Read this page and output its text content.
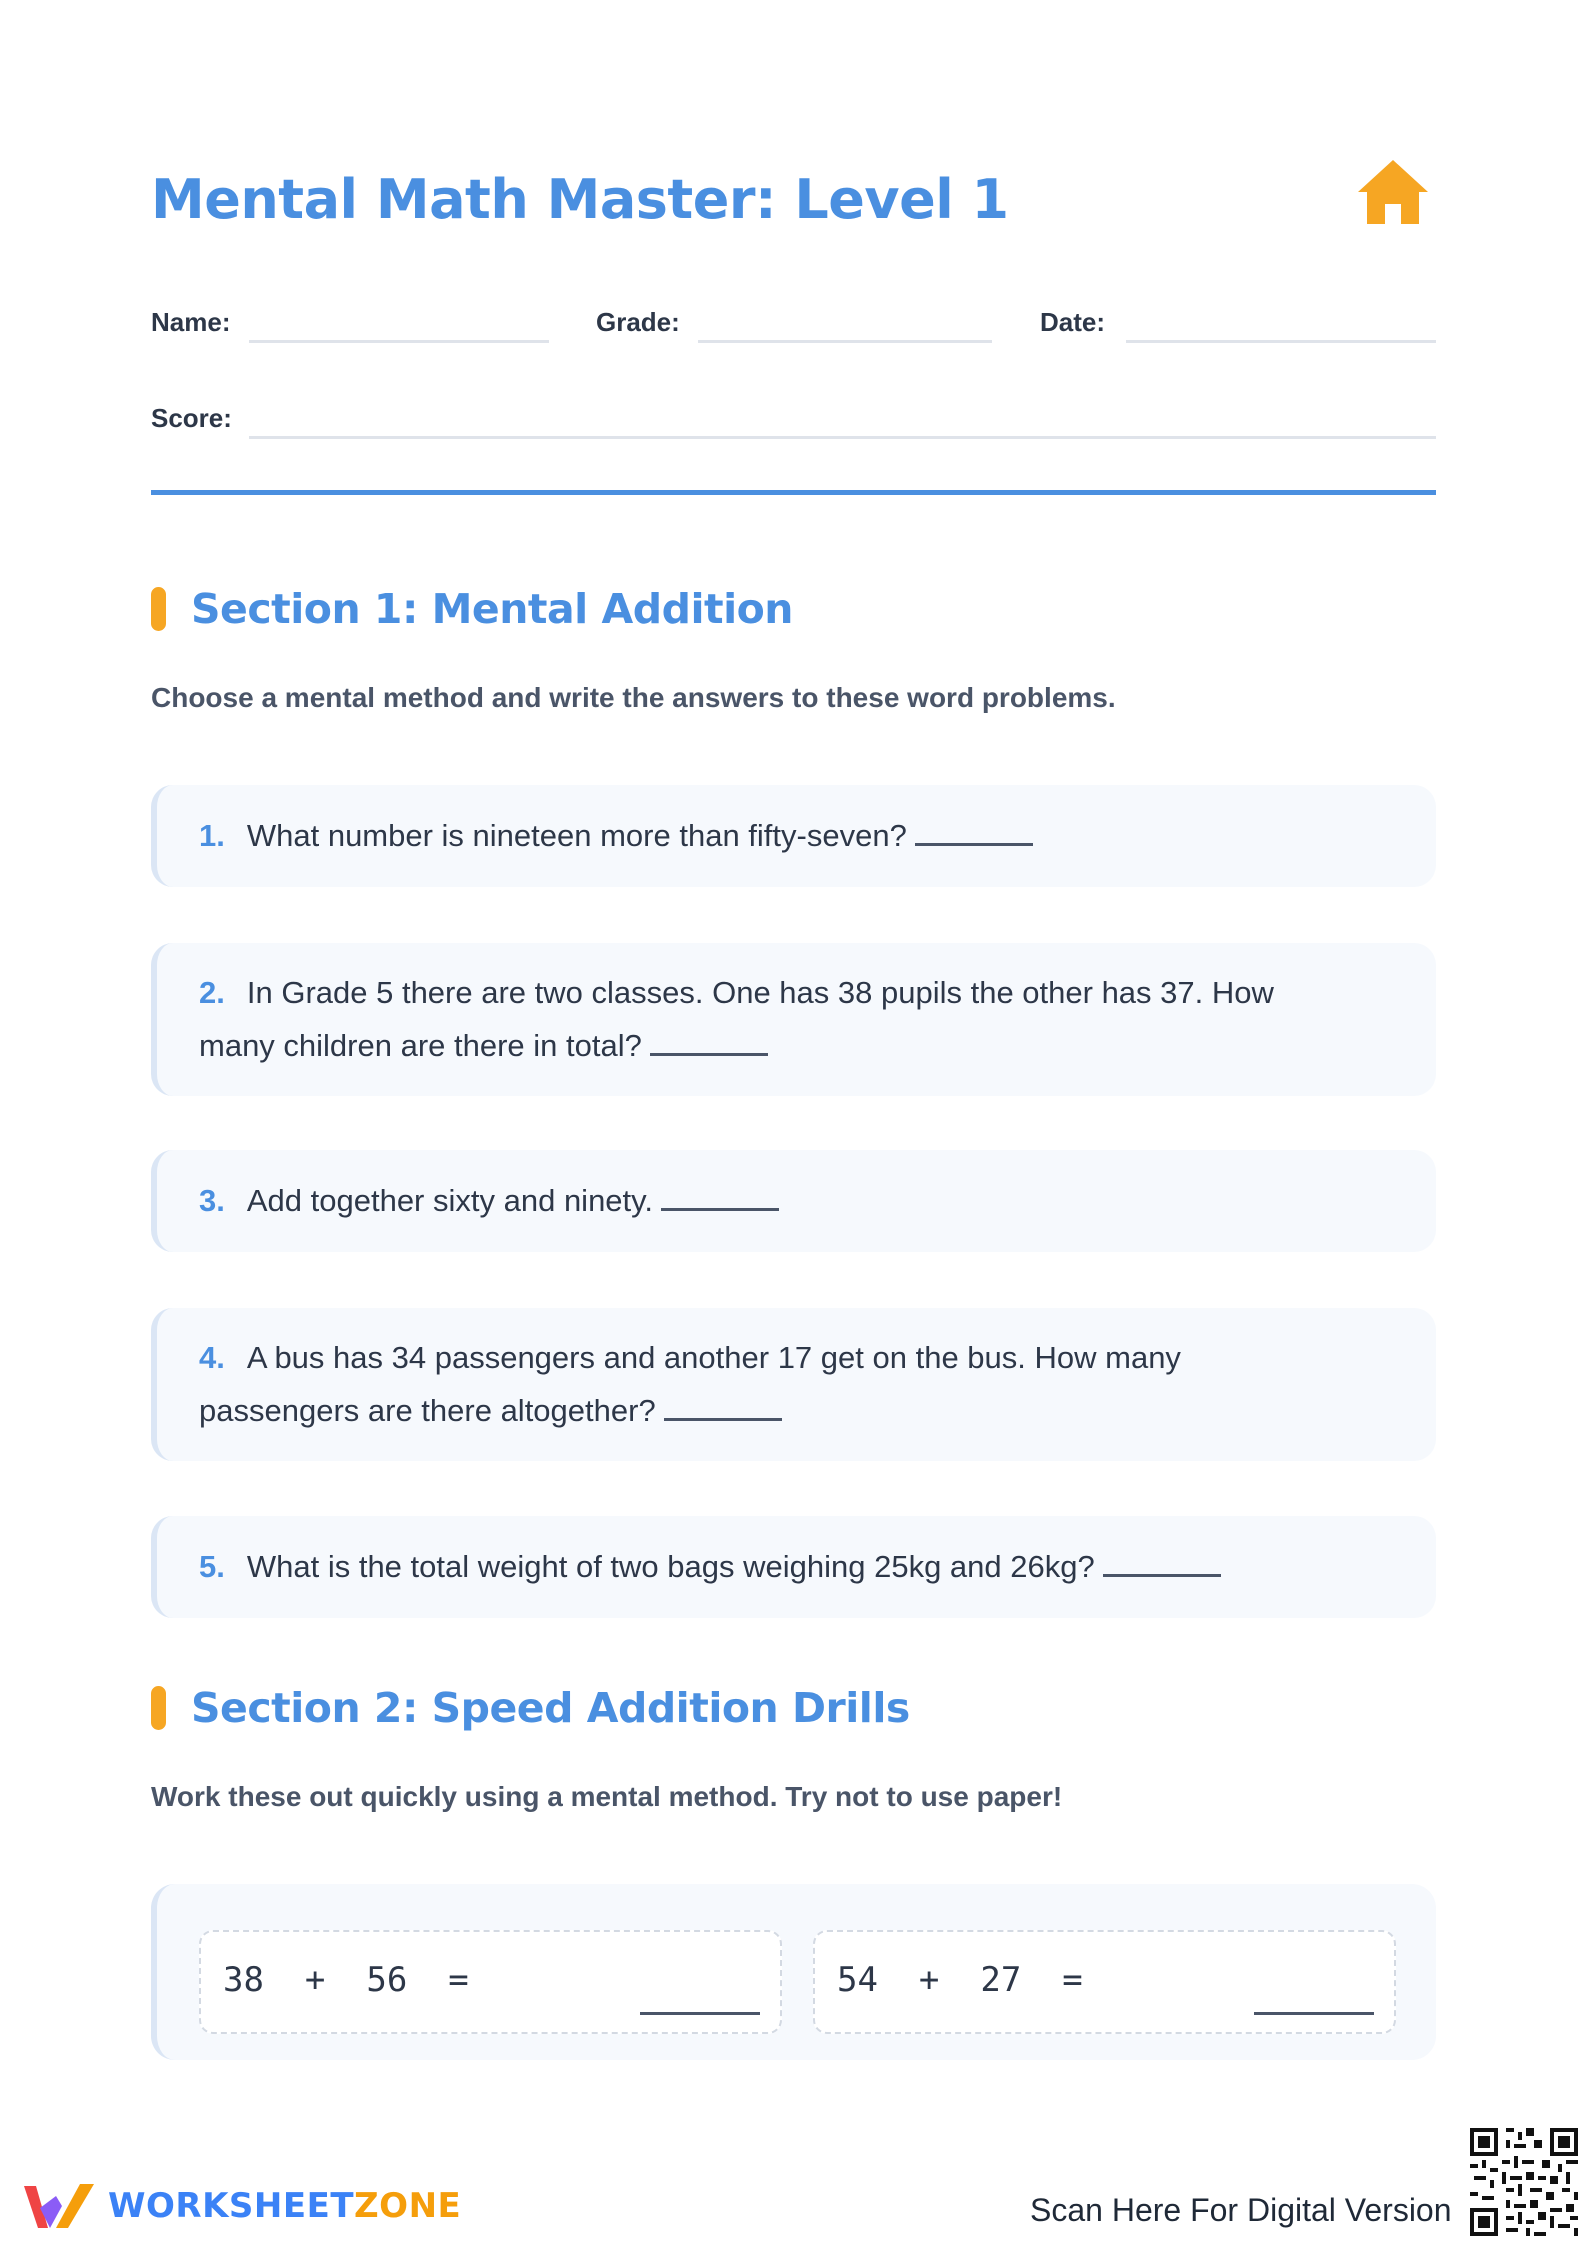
Mental Math Master: Level 1
Name:	Grade:	Date:
Score:
Section 1: Mental Addition
Choose a mental method and write the answers to these word problems.
1. What number is nineteen more than fifty-seven?
2. In Grade 5 there are two classes. One has 38 pupils the other has 37. How many children are there in total?
3. Add together sixty and ninety.
4. A bus has 34 passengers and another 17 get on the bus. How many passengers are there altogether?
5. What is the total weight of two bags weighing 25kg and 26kg?
Section 2: Speed Addition Drills
Work these out quickly using a mental method. Try not to use paper!
38 + 56 =	54 + 27 =
WORKSHEETZONE	Scan Here For Digital Version
